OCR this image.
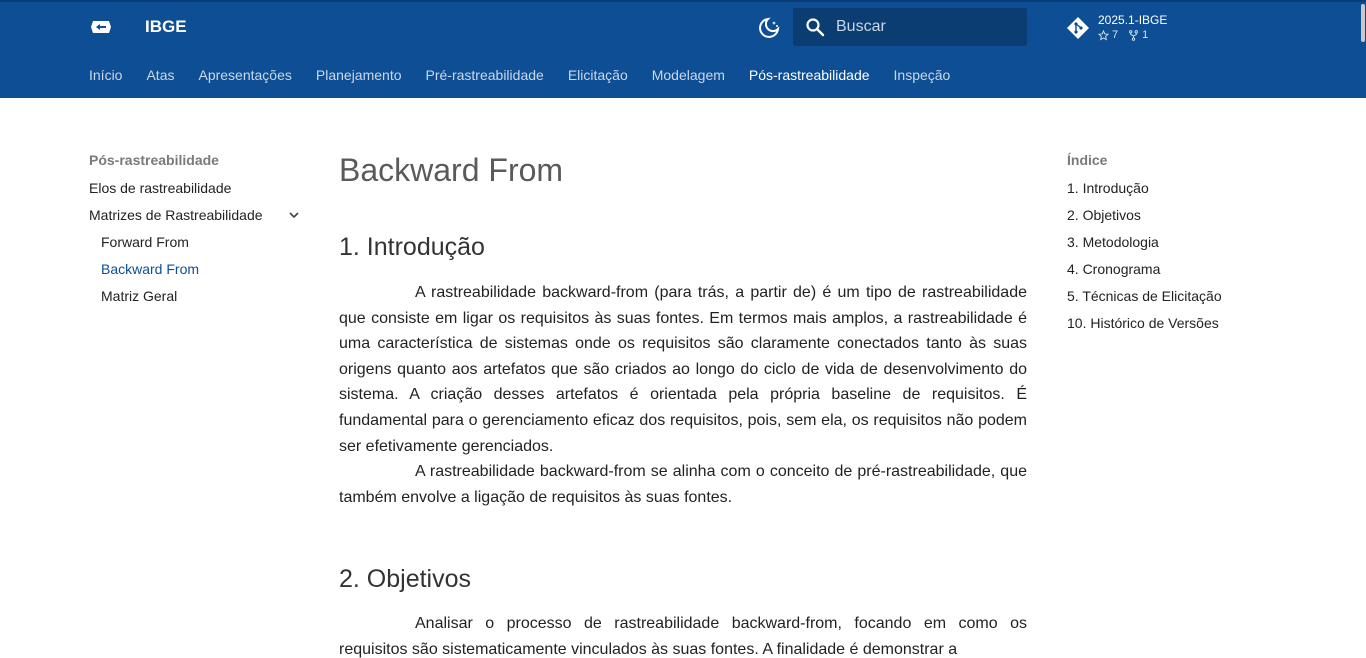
IBGE
Buscar	2025.1-IBGE
7 1
Início Atas Apresentações Planejamento Pré-rastreabilidade Elicitação Modelagem Pós-rastreabilidade Inspeção
Pós-rastreabilidade
Elos de rastreabilidade
Matrizes de Rastreabilidade
Forward From
Backward From
Matriz Geral
Backward From
1. Introdução

A rastreabilidade backward-from (para trás, a partir de) é um tipo de rastreabilidade que consiste em ligar os requisitos às suas fontes. Em termos mais amplos, a rastreabilidade é uma característica de sistemas onde os requisitos são claramente conectados tanto às suas origens quanto aos artefatos que são criados ao longo do ciclo de vida de desenvolvimento do sistema. A criação desses artefatos é orientada pela própria baseline de requisitos. É fundamental para o gerenciamento eficaz dos requisitos, pois, sem ela, os requisitos não podem ser efetivamente gerenciados.

A rastreabilidade backward-from se alinha com o conceito de pré-rastreabilidade, que também envolve a ligação de requisitos às suas fontes.

2. Objetivos

Analisar o processo de rastreabilidade backward-from, focando em como os requisitos são sistematicamente vinculados às suas fontes. A finalidade é demonstrar a

Índice
1. Introdução
2. Objetivos
3. Metodologia
4. Cronograma
5. Técnicas de Elicitação
10. Histórico de Versões
